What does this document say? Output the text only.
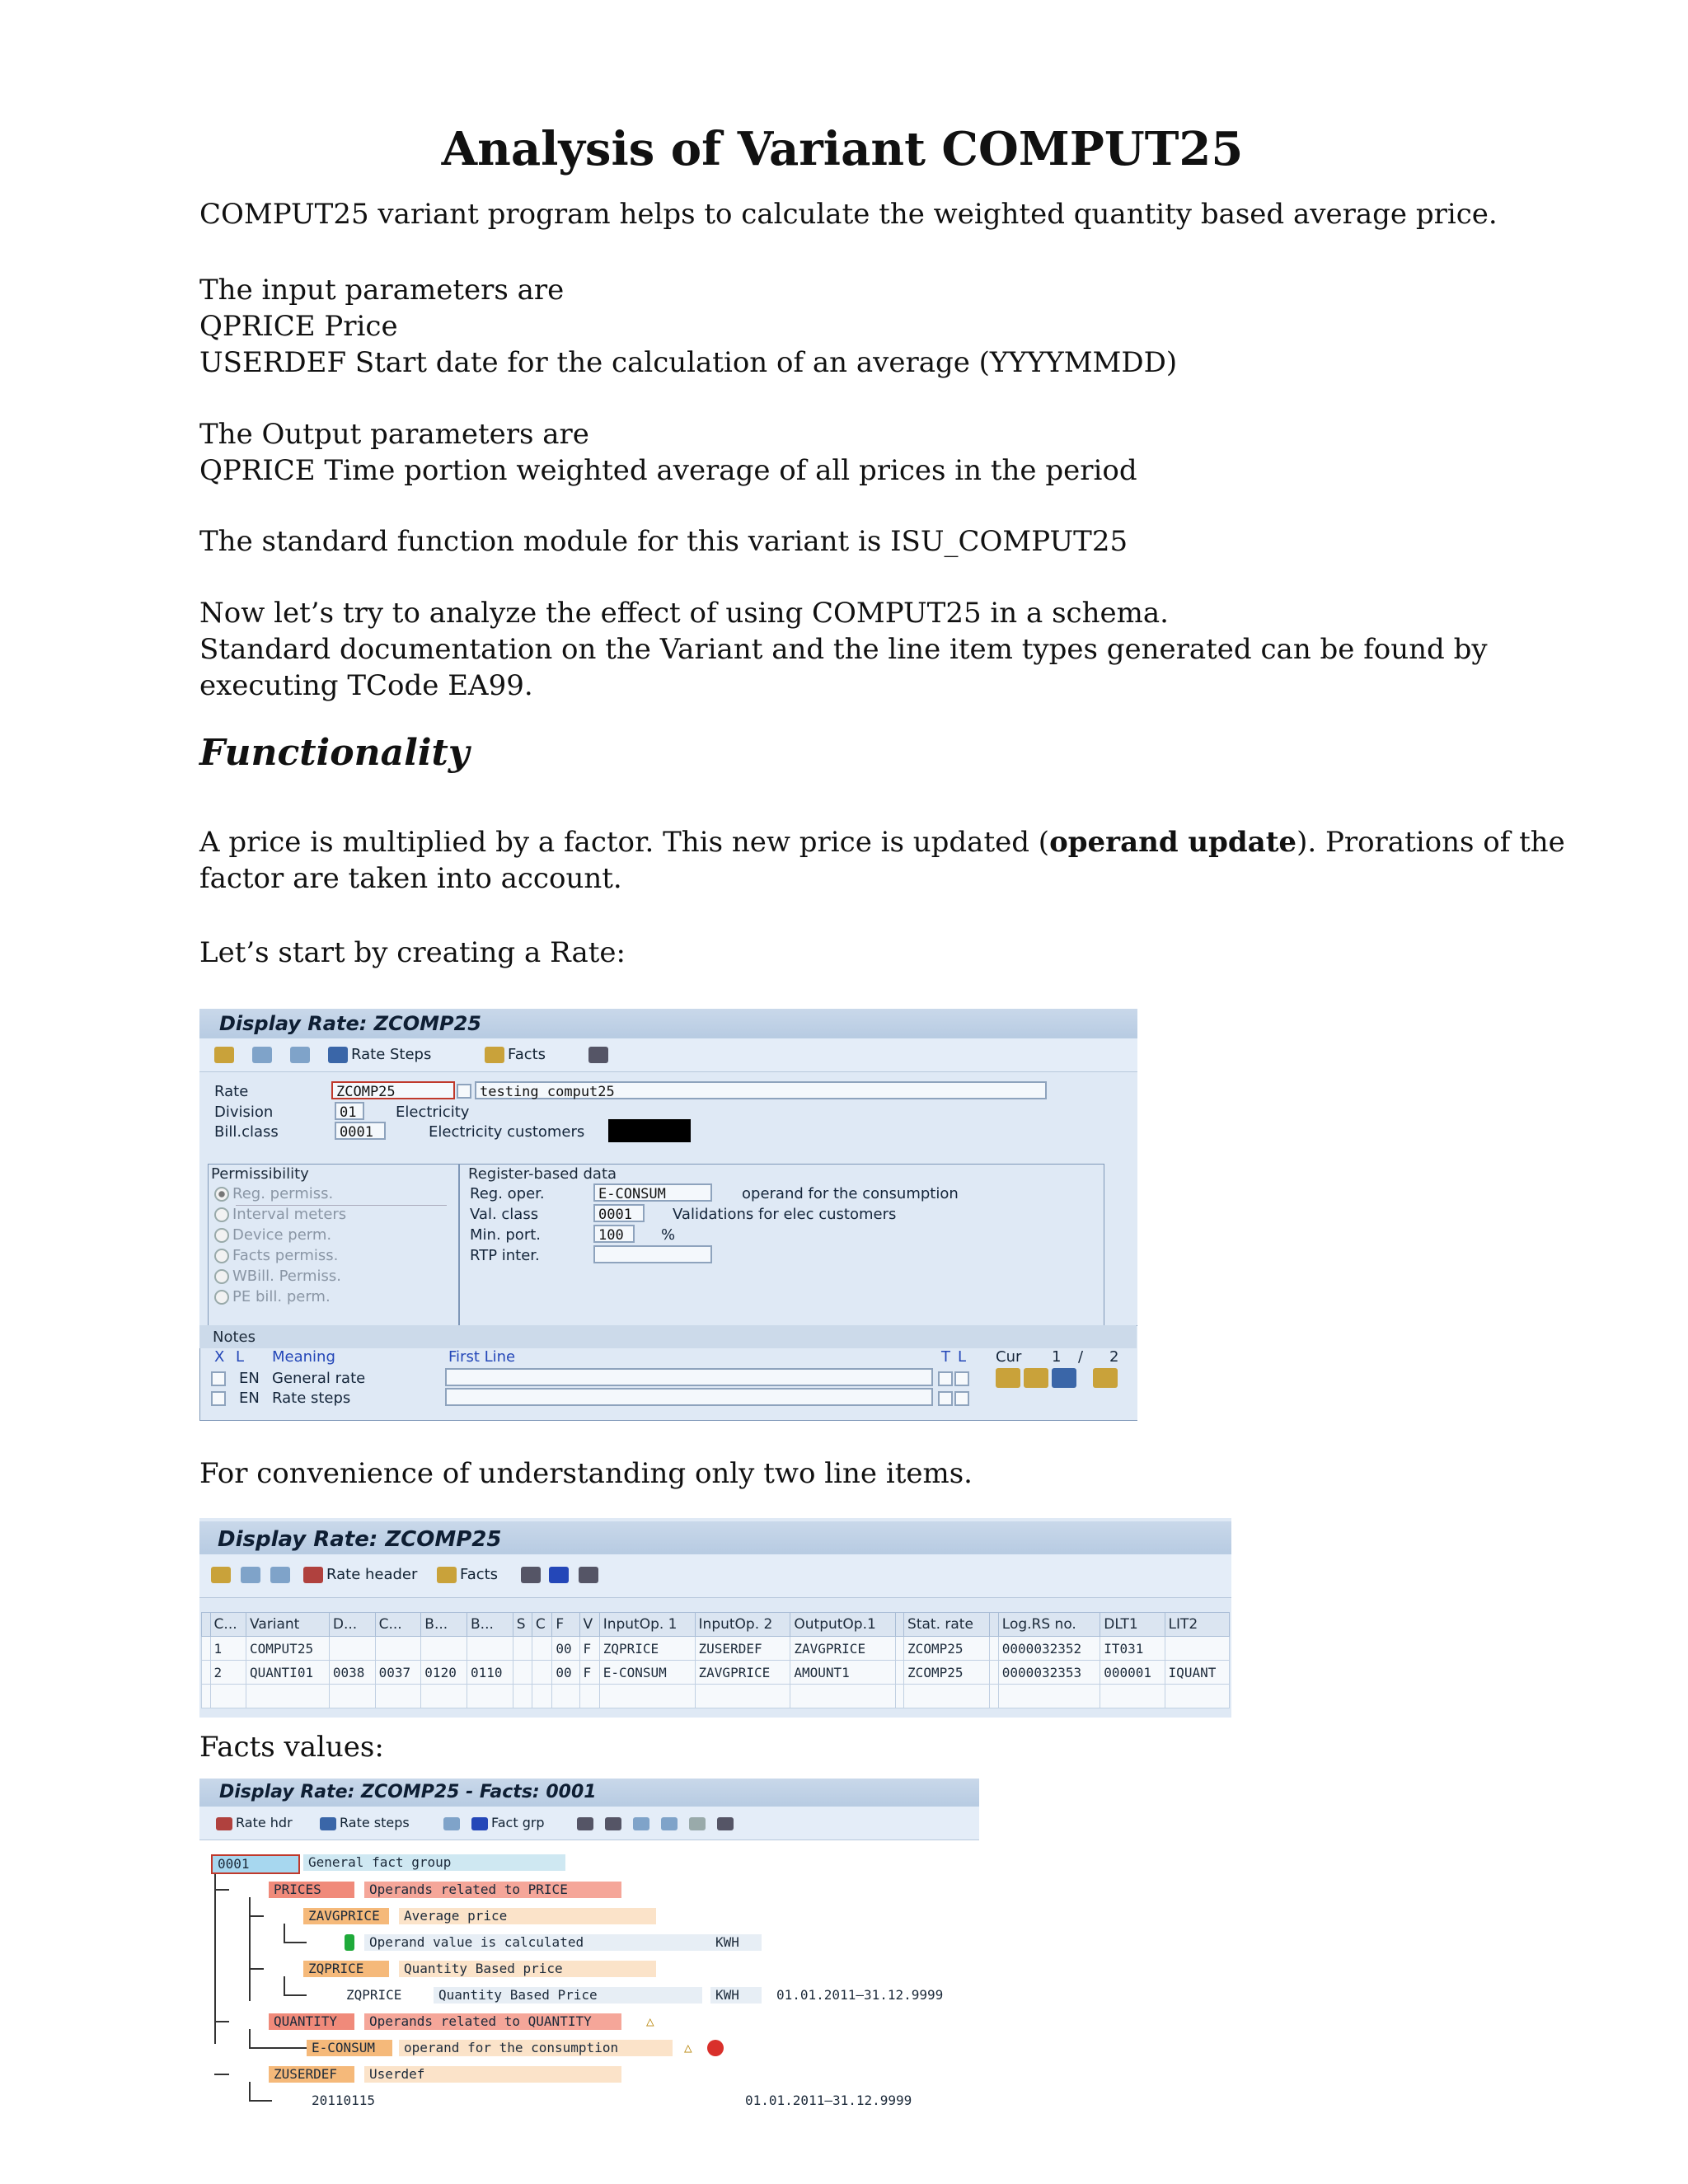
Analysis of Variant COMPUT25
COMPUT25 variant program helps to calculate the weighted quantity based average price.
The input parameters are
QPRICE Price
USERDEF Start date for the calculation of an average (YYYYMMDD)
The Output parameters are
QPRICE Time portion weighted average of all prices in the period
The standard function module for this variant is ISU_COMPUT25
Now let’s try to analyze the effect of using COMPUT25 in a schema.
Standard documentation on the Variant and the line item types generated can be found by
executing TCode EA99.
Functionality
A price is multiplied by a factor. This new price is updated (operand update). Prorations of the
factor are taken into account.
Let’s start by creating a Rate:
For convenience of understanding only two line items.
Facts values:
Display Rate: ZCOMP25
Rate Steps	Facts
Rate	ZCOMP25	testing comput25
Division	01	Electricity
Bill.class	0001	Electricity customers
Permissibility
Reg. permiss.
Interval meters
Device perm.
Facts permiss.
WBill. Permiss.
PE bill. perm.
Register-based data
Reg. oper.	E-CONSUM	operand for the consumption
Val. class	0001	Validations for elec customers
Min. port.	100	%
RTP inter.
Notes
X L Meaning	First Line	T L Cur 1 / 2
EN General rate
EN Rate steps
Display Rate: ZCOMP25
Rate header	Facts
	C...	Variant	D...	C...	B...	B...	S	C	F	V	InputOp. 1	InputOp. 2	OutputOp.1		Stat. rate		Log.RS no.	DLT1	LIT2
	1	COMPUT25							00	F	ZQPRICE	ZUSERDEF	ZAVGPRICE		ZCOMP25		0000032352	IT031	
	2	QUANTI01	0038	0037	0120	0110			00	F	E-CONSUM	ZAVGPRICE	AMOUNT1		ZCOMP25		0000032353	000001	IQUANT

Display Rate: ZCOMP25 - Facts: 0001
Rate hdr	Rate steps	Fact grp
0001	General fact group
PRICES	Operands related to PRICE
ZAVGPRICE	Average price
Operand value is calculated	KWH
ZQPRICE	Quantity Based price
ZQPRICE	Quantity Based Price	KWH	01.01.2011—31.12.9999
QUANTITY	Operands related to QUANTITY	△
E-CONSUM	operand for the consumption	△
ZUSERDEF	Userdef
20110115	01.01.2011—31.12.9999
